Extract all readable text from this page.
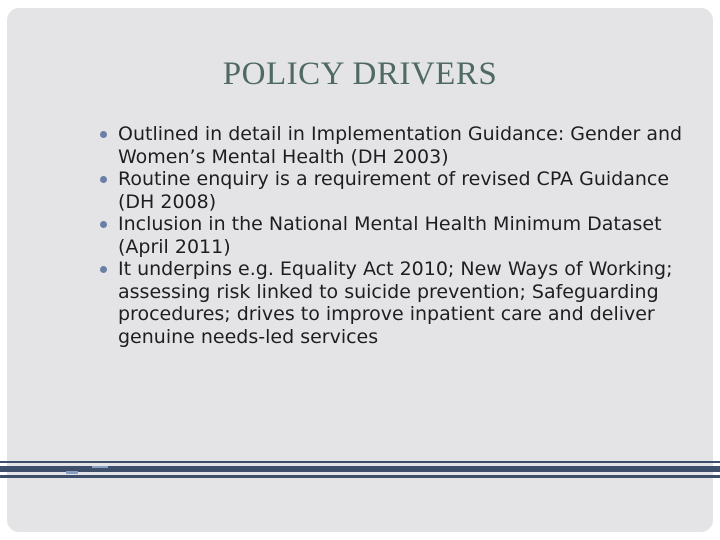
POLICY DRIVERS
Outlined in detail in Implementation Guidance: Gender and Women’s Mental Health (DH 2003)
Routine enquiry is a requirement of revised CPA Guidance (DH 2008)
Inclusion in the National Mental Health Minimum Dataset (April 2011)
It underpins e.g. Equality Act 2010; New Ways of Working; assessing risk linked to suicide prevention; Safeguarding procedures; drives to improve inpatient care and deliver genuine needs-led services
